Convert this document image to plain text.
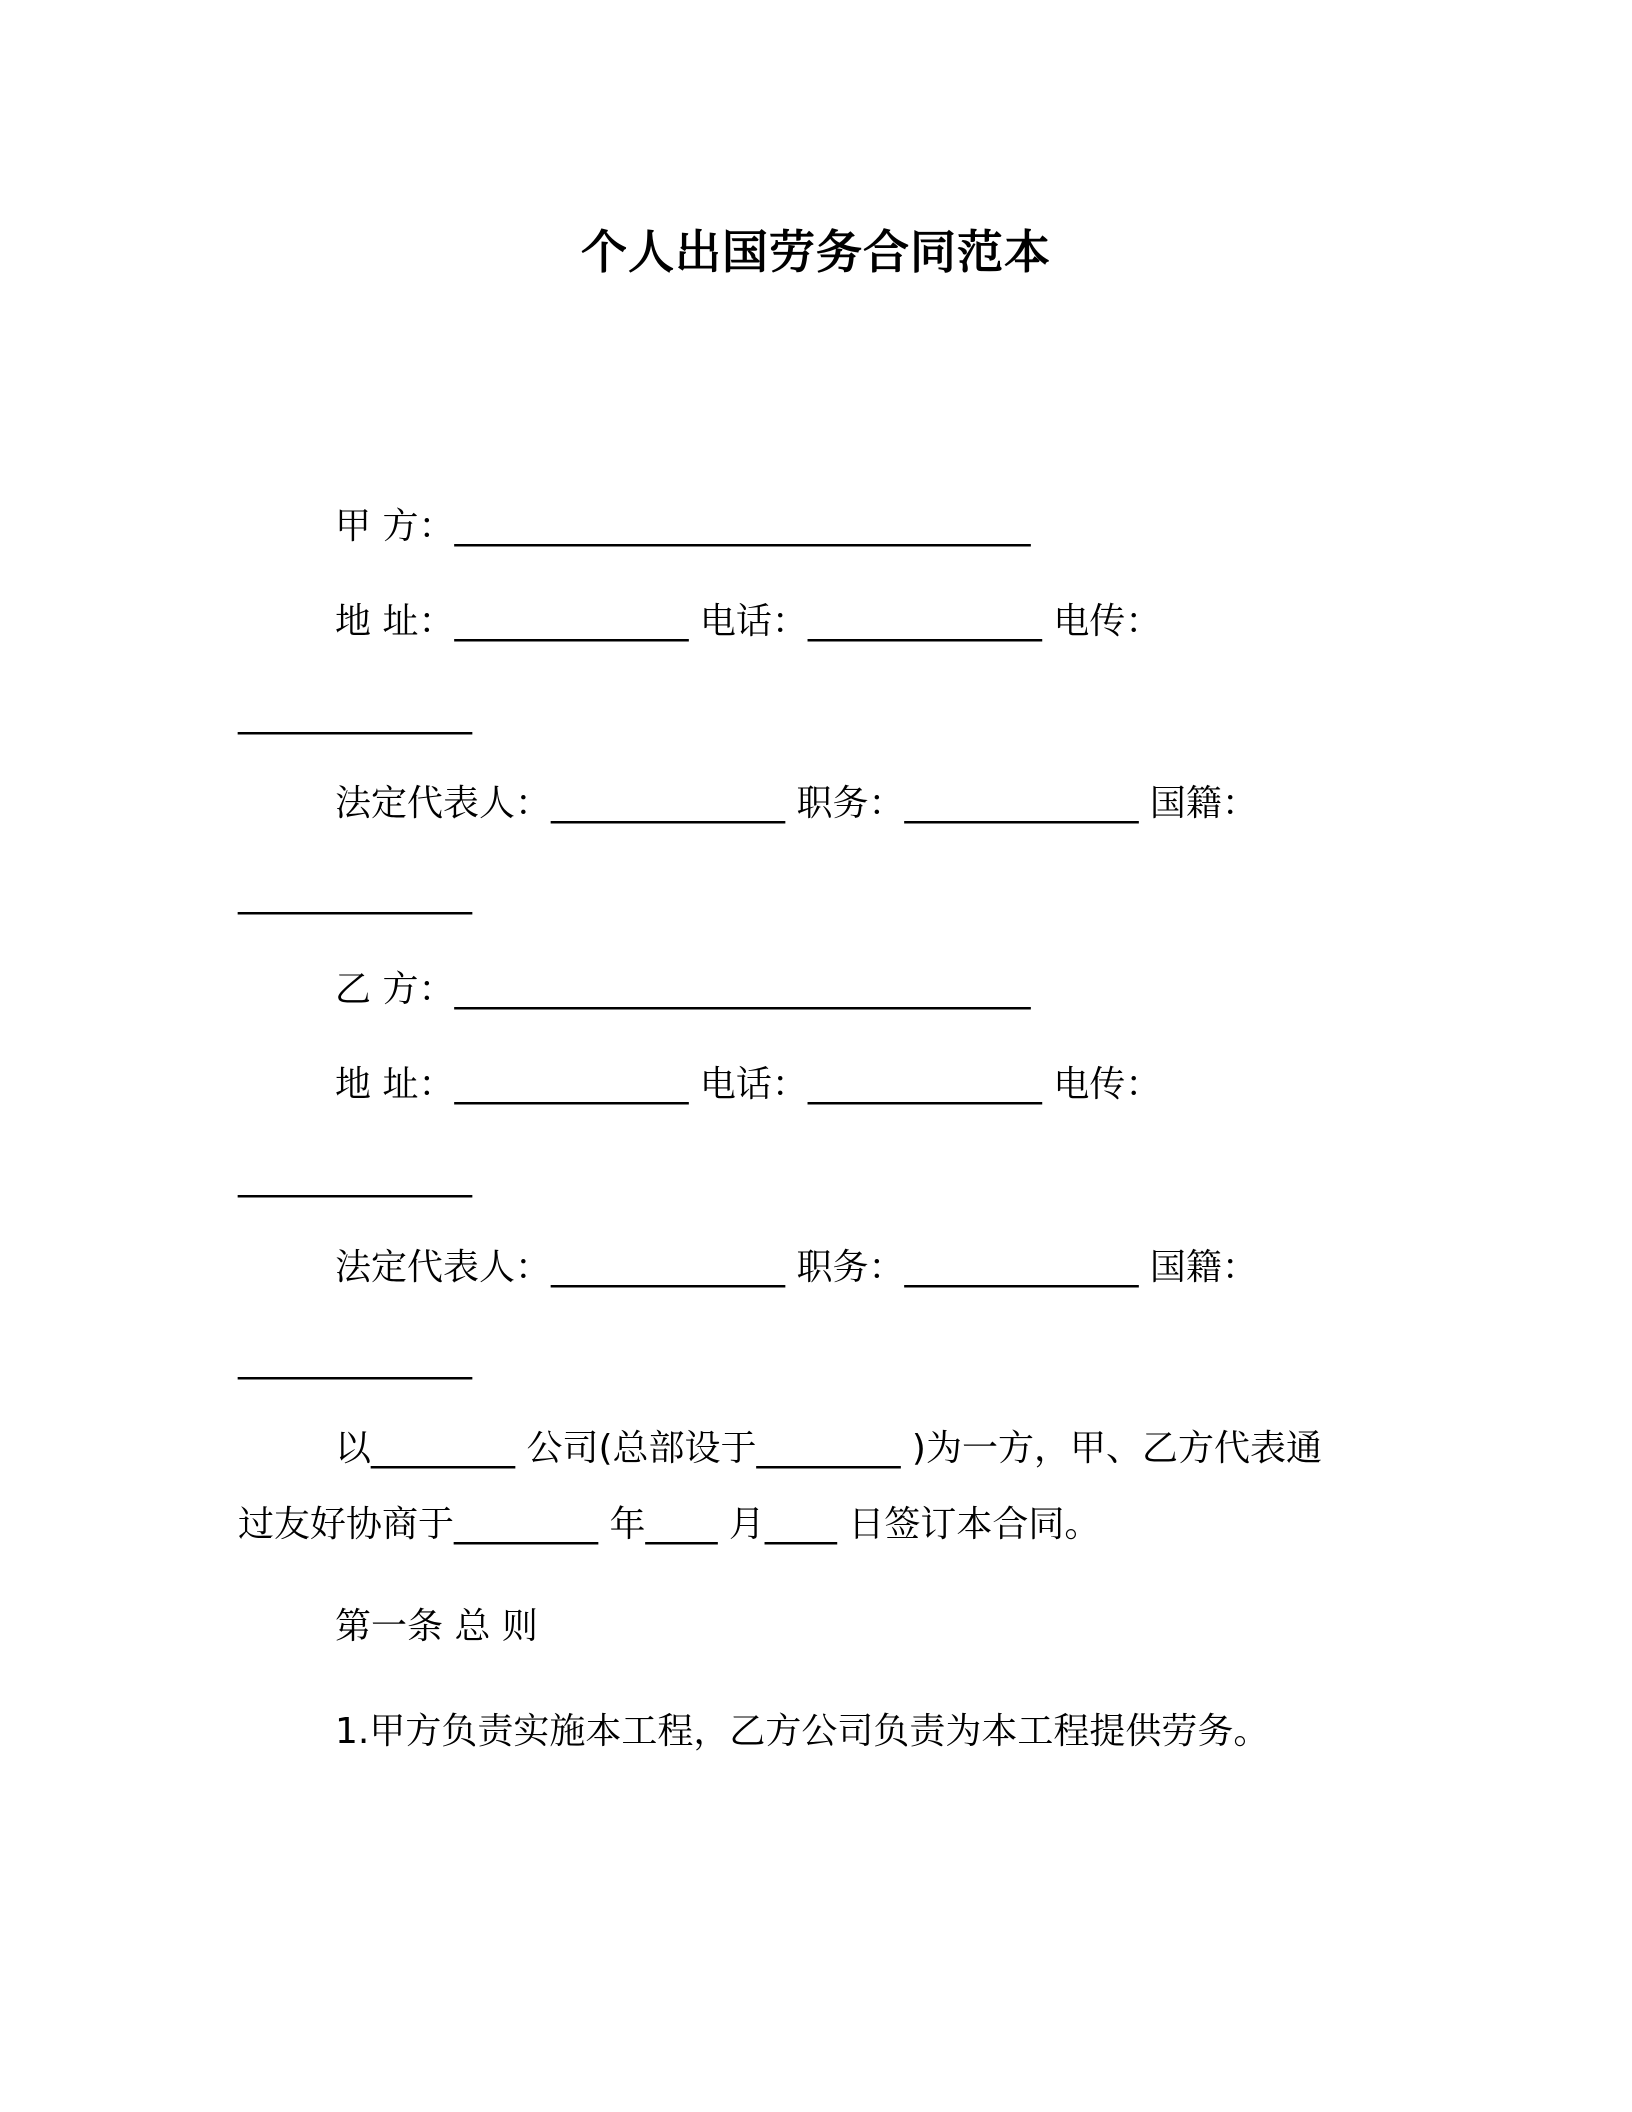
个人出国劳务合同范本
甲 方：________________________________
地 址：_____________ 电话：_____________ 电传：
_____________
法定代表人：_____________ 职务：_____________ 国籍：
_____________
乙 方：________________________________
地 址：_____________ 电话：_____________ 电传：
_____________
法定代表人：_____________ 职务：_____________ 国籍：
_____________
以________ 公司(总部设于________ )为一方，甲、乙方代表通
过友好协商于________ 年____ 月____ 日签订本合同。
第一条 总 则
1.甲方负责实施本工程，乙方公司负责为本工程提供劳务。
